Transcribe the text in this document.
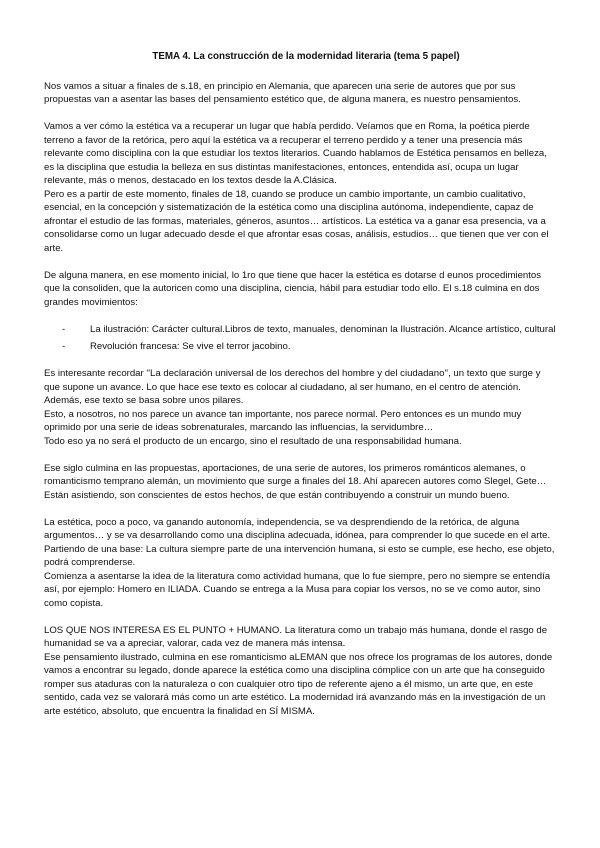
TEMA 4. La construcción de la modernidad literaria (tema 5 papel)

Nos vamos a situar a finales de s.18, en principio en Alemania, que aparecen una serie de autores que por sus propuestas van a asentar las bases del pensamiento estético que, de alguna manera, es nuestro pensamientos.

Vamos a ver cómo la estética va a recuperar un lugar que había perdido. Veíamos que en Roma, la poética pierde terreno a favor de la retórica, pero aquí la estética va a recuperar el terreno perdido y a tener una presencia más relevante como disciplina con la que estudiar los textos literarios. Cuando hablamos de Estética pensamos en belleza, es la disciplina que estudia la belleza en sus distintas manifestaciones, entonces, entendida así, ocupa un lugar relevante, más o menos, destacado en los textos desde la A.Clásica.

Pero es a partir de este momento, finales de 18, cuando se produce un cambio importante, un cambio cualitativo, esencial, en la concepción y sistematización de la estética como una disciplina autónoma, independiente, capaz de afrontar el estudio de las formas, materiales, géneros, asuntos… artísticos. La estética va a ganar esa presencia, va a consolidarse como un lugar adecuado desde el que afrontar esas cosas, análisis, estudios… que tienen que ver con el arte.

De alguna manera, en ese momento inicial, lo 1ro que tiene que hacer la estética es dotarse d eunos procedimientos que la consoliden, que la autoricen como una disciplina, ciencia, hábil para estudiar todo ello. El s.18 culmina en dos grandes movimientos:

- La ilustración: Carácter cultural.Libros de texto, manuales, denominan la Ilustración. Alcance artístico, cultural
- Revolución francesa: Se vive el terror jacobino.

Es interesante recordar ''La declaración universal de los derechos del hombre y del ciudadano'', un texto que surge y que supone un avance. Lo que hace ese texto es colocar al ciudadano, al ser humano, en el centro de atención. Además, ese texto se basa sobre unos pilares.

Esto, a nosotros, no nos parece un avance tan importante, nos parece normal. Pero entonces es un mundo muy oprimido por una serie de ideas sobrenaturales, marcando las influencias, la servidumbre…

Todo eso ya no será el producto de un encargo, sino el resultado de una responsabilidad humana.

Ese siglo culmina en las propuestas, aportaciones, de una serie de autores, los primeros románticos alemanes, o romanticismo temprano alemán, un movimiento que surge a finales del 18. Ahí aparecen autores como Slegel, Gete… Están asistiendo, son conscientes de estos hechos, de que están contribuyendo a construir un mundo bueno.

La estética, poco a poco, va ganando autonomía, independencia, se va desprendiendo de la retórica, de alguna argumentos… y se va desarrollando como una disciplina adecuada, idónea, para comprender lo que sucede en el arte. Partiendo de una base: La cultura siempre parte de una intervención humana, si esto se cumple, ese hecho, ese objeto, podrá comprenderse.

Comienza a asentarse la idea de la literatura como actividad humana, que lo fue siempre, pero no siempre se entendía así, por ejemplo: Homero en ILIADA. Cuando se entrega a la Musa para copiar los versos, no se ve como autor, sino como copista.

LOS QUE NOS INTERESA ES EL PUNTO + HUMANO. La literatura como un trabajo más humana, donde el rasgo de humanidad se va a apreciar, valorar, cada vez de manera más intensa.

Ese pensamiento ilustrado, culmina en ese romanticismo aLEMAN que nos ofrece los programas de los autores, donde vamos a encontrar su legado, donde aparece la estética como una disciplina cómplice con un arte que ha conseguido romper sus ataduras con la naturaleza o con cualquier otro tipo de referente ajeno a él mismo, un arte que, en este sentido, cada vez se valorará más como un arte estético. La modernidad irá avanzando más en la investigación de un arte estético, absoluto, que encuentra la finalidad en SÍ MISMA.
